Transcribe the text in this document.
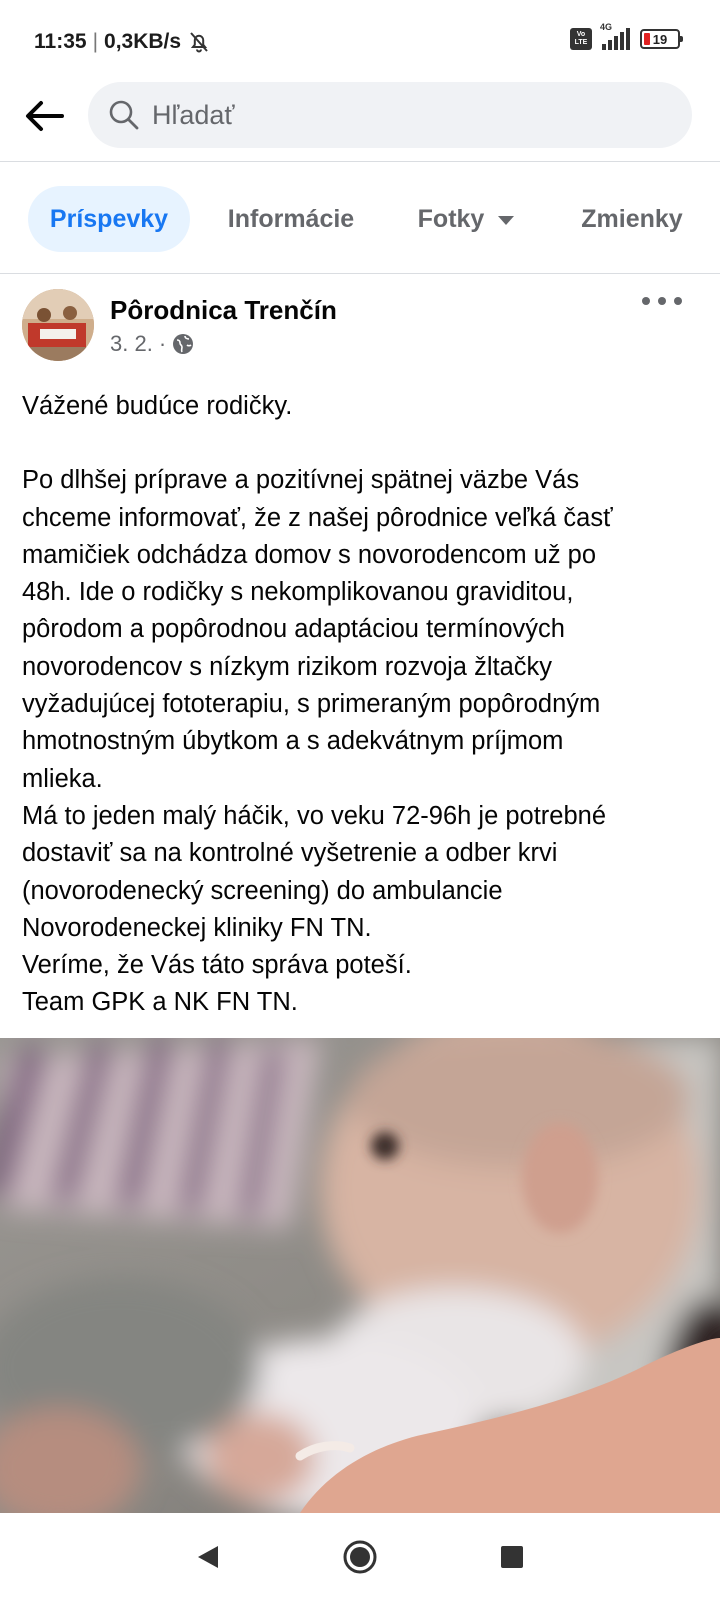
11:35 | 0,3KB/s	Vo
LTE
4G
19
Hľadať
Príspevky Informácie	Fotky	Zmienky
Pôrodnica Trenčín
3. 2. ·

Vážené budúce rodičky.

Po dlhšej príprave a pozitívnej spätnej väzbe Vás

chceme informovať, že z našej pôrodnice veľká časť

mamičiek odchádza domov s novorodencom už po

48h. Ide o rodičky s nekomplikovanou graviditou,

pôrodom a popôrodnou adaptáciou termínových

novorodencov s nízkym rizikom rozvoja žltačky

vyžadujúcej fototerapiu, s primeraným popôrodným

hmotnostným úbytkom a s adekvátnym príjmom

mlieka.

Má to jeden malý háčik, vo veku 72-96h je potrebné

dostaviť sa na kontrolné vyšetrenie a odber krvi

(novorodenecký screening) do ambulancie

Novorodeneckej kliniky FN TN.

Veríme, že Vás táto správa poteší.

Team GPK a NK FN TN.
